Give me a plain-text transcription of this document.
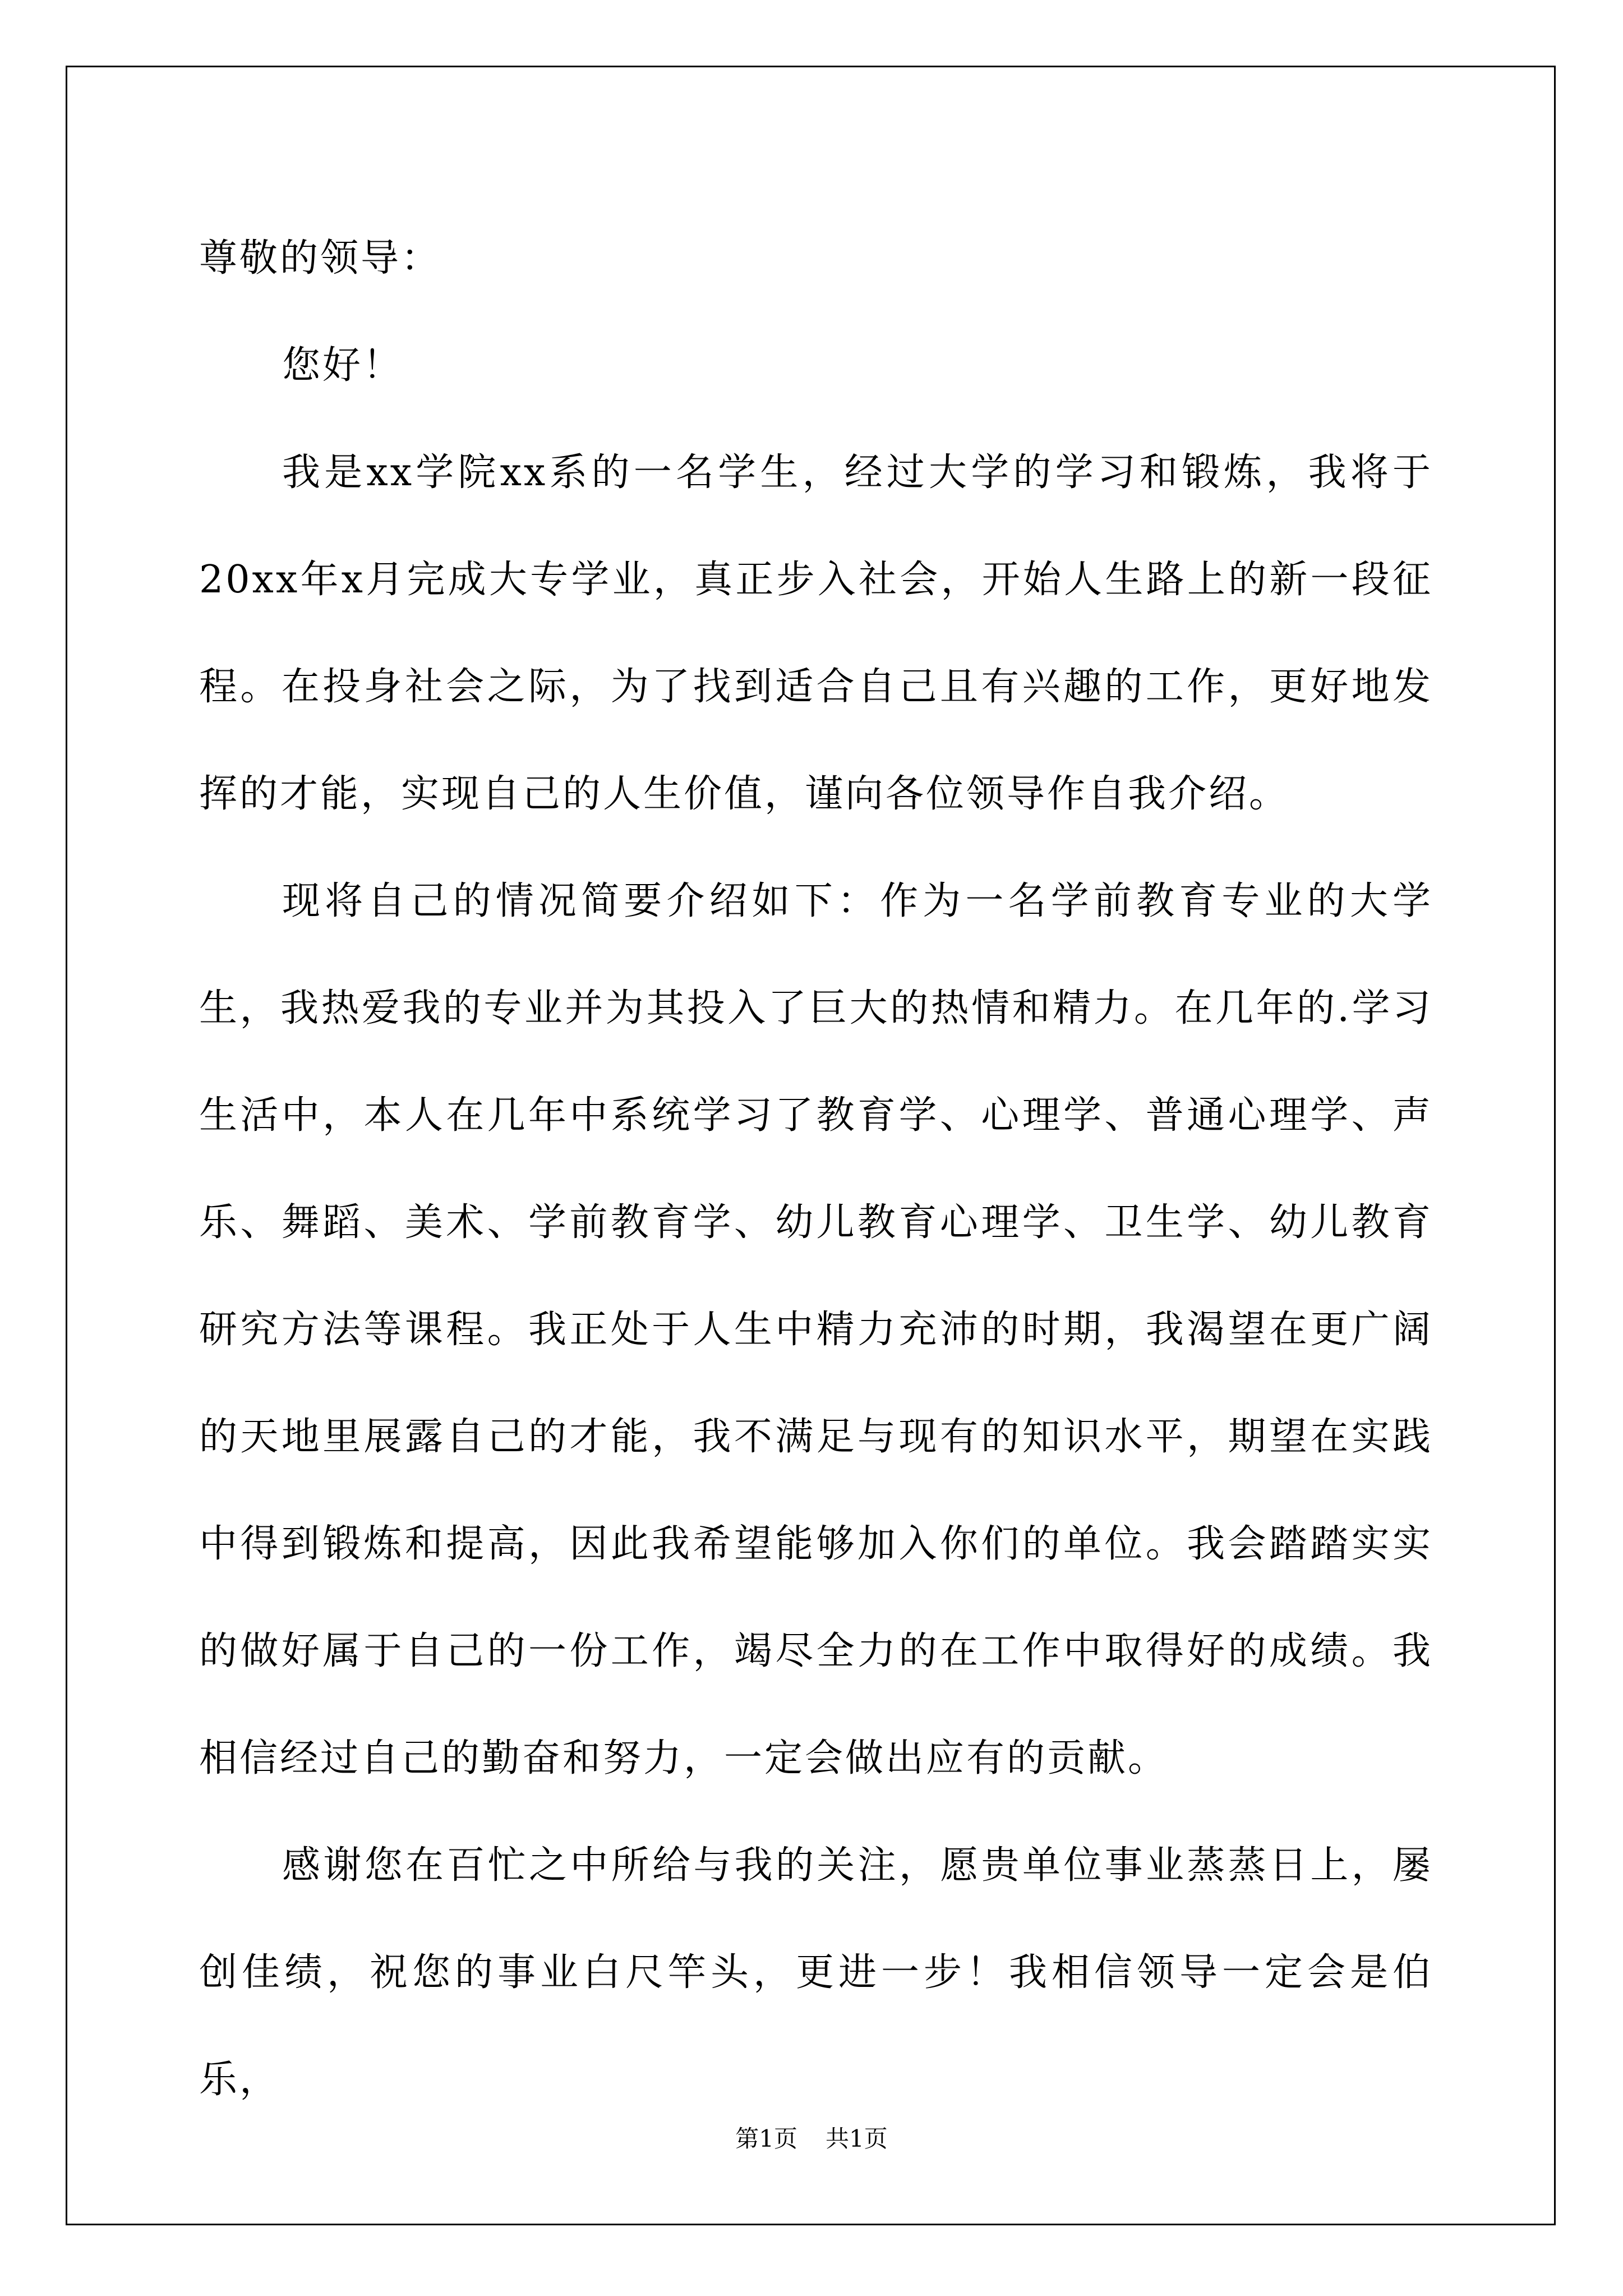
尊敬的领导：

您好！

我是xx学院xx系的一名学生，经过大学的学习和锻炼，我将于20xx年x月完成大专学业，真正步入社会，开始人生路上的新一段征程。在投身社会之际，为了找到适合自己且有兴趣的工作，更好地发挥的才能，实现自己的人生价值，谨向各位领导作自我介绍。

现将自己的情况简要介绍如下：作为一名学前教育专业的大学生，我热爱我的专业并为其投入了巨大的热情和精力。在几年的.学习生活中，本人在几年中系统学习了教育学、心理学、普通心理学、声乐、舞蹈、美术、学前教育学、幼儿教育心理学、卫生学、幼儿教育研究方法等课程。我正处于人生中精力充沛的时期，我渴望在更广阔的天地里展露自己的才能，我不满足与现有的知识水平，期望在实践中得到锻炼和提高，因此我希望能够加入你们的单位。我会踏踏实实的做好属于自己的一份工作，竭尽全力的在工作中取得好的成绩。我相信经过自己的勤奋和努力，一定会做出应有的贡献。

感谢您在百忙之中所给与我的关注，愿贵单位事业蒸蒸日上，屡创佳绩，祝您的事业白尺竿头，更进一步！我相信领导一定会是伯乐，

第1页 共1页
